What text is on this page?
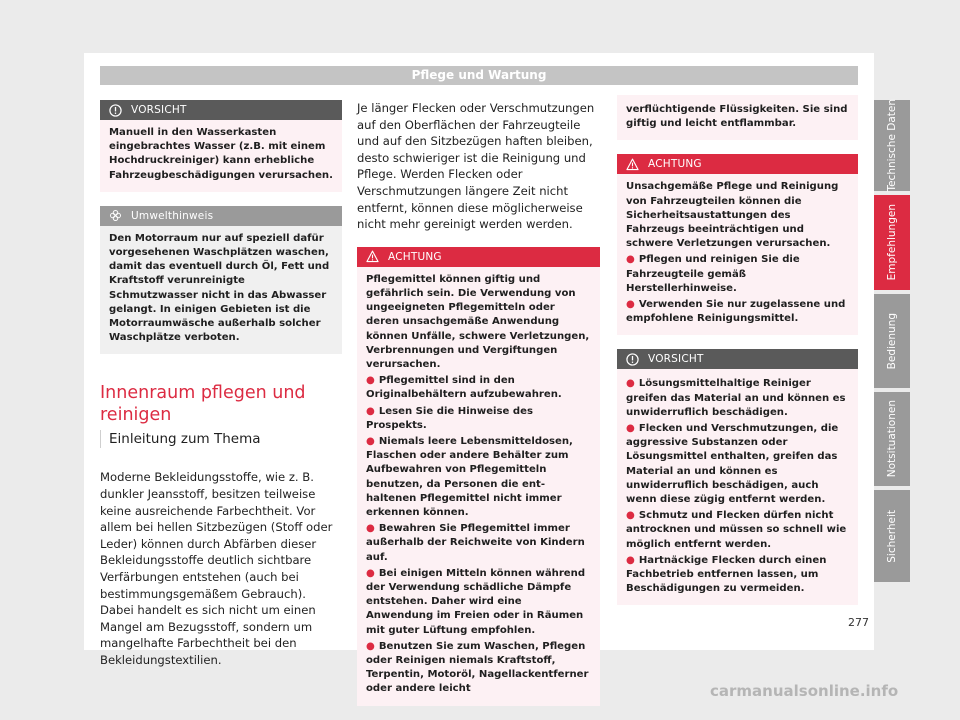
Pflege und Wartung
VORSICHT

Manuell in den Wasserkasten eingebrachtes Wasser (z.B. mit einem Hochdruckreiniger) kann erhebliche Fahrzeugbeschädigungen verursachen.

Umwelthinweis

Den Motorraum nur auf speziell dafür vorgesehenen Waschplätzen waschen, damit das eventuell durch Öl, Fett und Kraftstoff verunreinigte Schmutzwasser nicht in das Abwasser gelangt. In einigen Gebieten ist die Motorraumwäsche außerhalb solcher Waschplätze verboten.

Innenraum pflegen und reinigen
Einleitung zum Thema

Moderne Bekleidungsstoffe, wie z. B. dunkler Jeansstoff, besitzen teilweise keine ausreichende Farbechtheit. Vor allem bei hellen Sitzbezügen (Stoff oder Leder) können durch Abfärben dieser Bekleidungsstoffe deutlich sichtbare Verfärbungen entstehen (auch bei bestimmungsgemäßem Gebrauch). Dabei handelt es sich nicht um einen Mangel am Bezugsstoff, sondern um mangelhafte Farbechtheit bei den Bekleidungstextilien.

Je länger Flecken oder Verschmutzungen auf den Oberflächen der Fahrzeugteile und auf den Sitzbezügen haften bleiben, desto schwieriger ist die Reinigung und Pflege. Werden Flecken oder Verschmutzungen längere Zeit nicht entfernt, können diese möglicherweise nicht mehr gereinigt werden werden.

ACHTUNG

Pflegemittel können giftig und gefährlich sein. Die Verwendung von ungeeigneten Pflegemitteln oder deren unsachgemäße Anwendung können Unfälle, schwere Verletzungen, Verbrennungen und Vergiftungen verursachen.

● Pflegemittel sind in den Originalbehältern aufzubewahren.
● Lesen Sie die Hinweise des Prospekts.
● Niemals leere Lebensmitteldosen, Flaschen oder andere Behälter zum Aufbewahren von Pflegemitteln benutzen, da Personen die enthaltenen Pflegemittel nicht immer erkennen können.
● Bewahren Sie Pflegemittel immer außerhalb der Reichweite von Kindern auf.
● Bei einigen Mitteln können während der Verwendung schädliche Dämpfe entstehen. Daher wird eine Anwendung im Freien oder in Räumen mit guter Lüftung empfohlen.
● Benutzen Sie zum Waschen, Pflegen oder Reinigen niemals Kraftstoff, Terpentin, Motoröl, Nagellackentferner oder andere leicht

verflüchtigende Flüssigkeiten. Sie sind giftig und leicht entflammbar.

ACHTUNG

Unsachgemäße Pflege und Reinigung von Fahrzeugteilen können die Sicherheitsaustattungen des Fahrzeugs beeinträchtigen und schwere Verletzungen verursachen.

● Pflegen und reinigen Sie die Fahrzeugteile gemäß Herstellerhinweise.
● Verwenden Sie nur zugelassene und empfohlene Reinigungsmittel.
VORSICHT
● Lösungsmittelhaltige Reiniger greifen das Material an und können es unwiderruflich beschädigen.
● Flecken und Verschmutzungen, die aggressive Substanzen oder Lösungsmittel enthalten, greifen das Material an und können es unwiderruflich beschädigen, auch wenn diese zügig entfernt werden.
● Schmutz und Flecken dürfen nicht antrocknen und müssen so schnell wie möglich entfernt werden.
● Hartnäckige Flecken durch einen Fachbetrieb entfernen lassen, um Beschädigungen zu vermeiden.
Technische Daten
Empfehlungen
Bedienung
Notsituationen
Sicherheit
277
carmanualsonline.info
